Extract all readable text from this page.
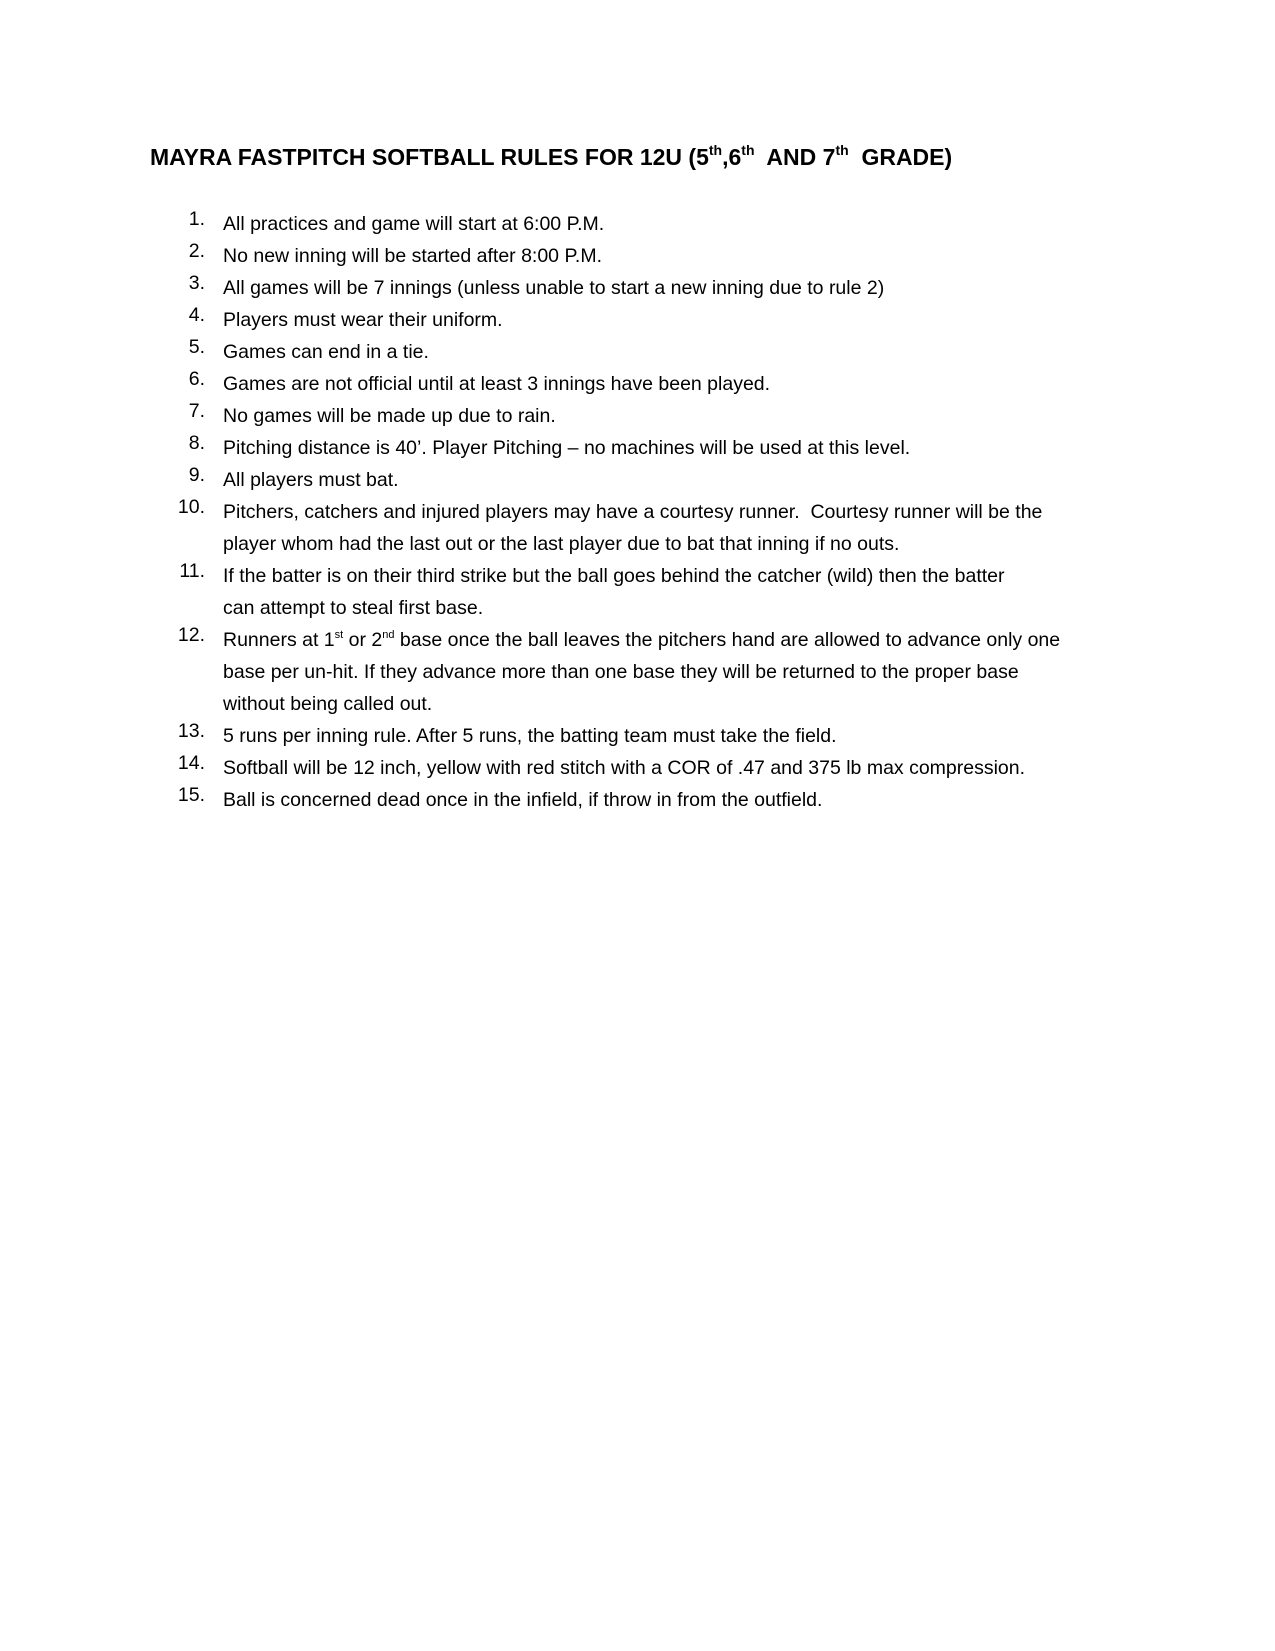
MAYRA FASTPITCH SOFTBALL RULES FOR 12U (5th,6th  AND 7th  GRADE)
1. All practices and game will start at 6:00 P.M.
2. No new inning will be started after 8:00 P.M.
3. All games will be 7 innings (unless unable to start a new inning due to rule 2)
4. Players must wear their uniform.
5. Games can end in a tie.
6. Games are not official until at least 3 innings have been played.
7. No games will be made up due to rain.
8. Pitching distance is 40’. Player Pitching – no machines will be used at this level.
9. All players must bat.
10. Pitchers, catchers and injured players may have a courtesy runner.  Courtesy runner will be the
player whom had the last out or the last player due to bat that inning if no outs.
11. If the batter is on their third strike but the ball goes behind the catcher (wild) then the batter
can attempt to steal first base.
12. Runners at 1st or 2nd base once the ball leaves the pitchers hand are allowed to advance only one
base per un-hit. If they advance more than one base they will be returned to the proper base
without being called out.
13. 5 runs per inning rule. After 5 runs, the batting team must take the field.
14. Softball will be 12 inch, yellow with red stitch with a COR of .47 and 375 lb max compression.
15. Ball is concerned dead once in the infield, if throw in from the outfield.
